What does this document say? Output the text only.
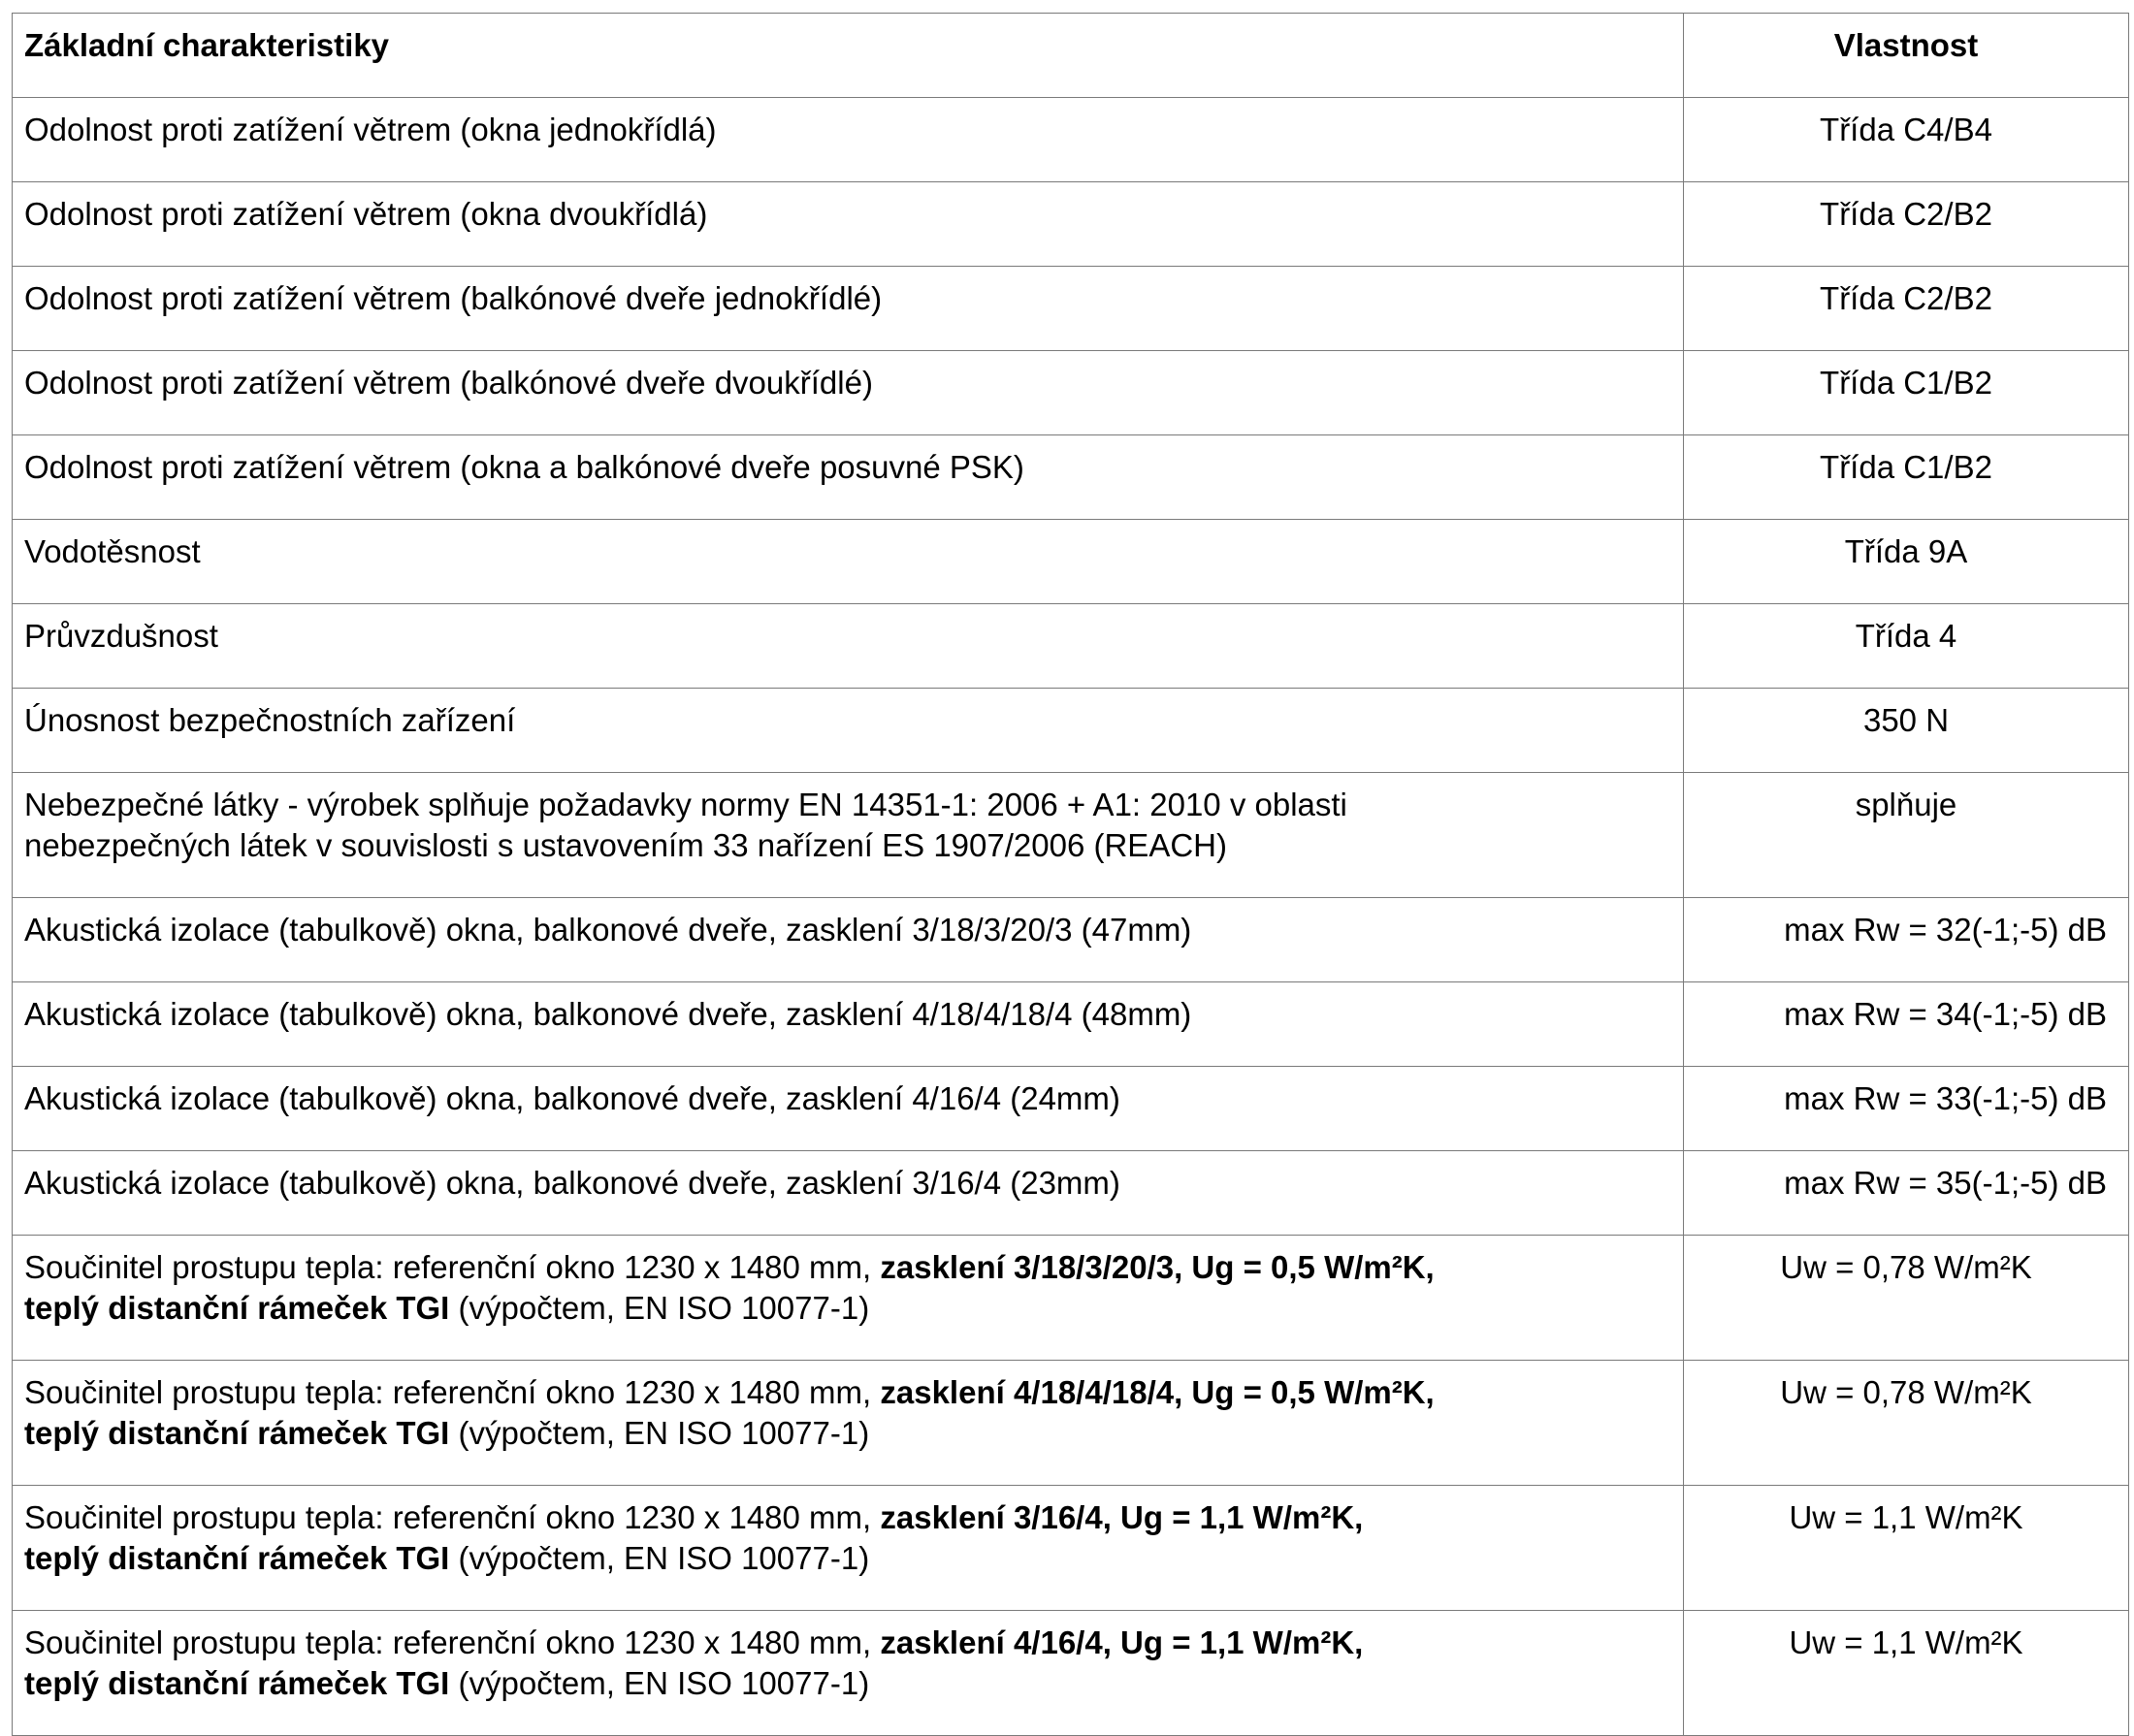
Základní charakteristiky	Vlastnost
Odolnost proti zatížení větrem (okna jednokřídlá)	Třída C4/B4
Odolnost proti zatížení větrem (okna dvoukřídlá)	Třída C2/B2
Odolnost proti zatížení větrem (balkónové dveře jednokřídlé)	Třída C2/B2
Odolnost proti zatížení větrem (balkónové dveře dvoukřídlé)	Třída C1/B2
Odolnost proti zatížení větrem (okna a balkónové dveře posuvné PSK)	Třída C1/B2
Vodotěsnost	Třída 9A
Průvzdušnost	Třída 4
Únosnost bezpečnostních zařízení	350 N
Nebezpečné látky - výrobek splňuje požadavky normy EN 14351-1: 2006 + A1: 2010 v oblasti
nebezpečných látek v souvislosti s ustavovením 33 nařízení ES 1907/2006 (REACH)	splňuje
Akustická izolace (tabulkově) okna, balkonové dveře, zasklení 3/18/3/20/3 (47mm)	max Rw = 32(-1;-5) dB
Akustická izolace (tabulkově) okna, balkonové dveře, zasklení 4/18/4/18/4 (48mm)	max Rw = 34(-1;-5) dB
Akustická izolace (tabulkově) okna, balkonové dveře, zasklení 4/16/4 (24mm)	max Rw = 33(-1;-5) dB
Akustická izolace (tabulkově) okna, balkonové dveře, zasklení 3/16/4 (23mm)	max Rw = 35(-1;-5) dB
Součinitel prostupu tepla: referenční okno 1230 x 1480 mm, zasklení 3/18/3/20/3, Ug = 0,5 W/m²K,
teplý distanční rámeček TGI (výpočtem, EN ISO 10077-1)	Uw = 0,78 W/m²K
Součinitel prostupu tepla: referenční okno 1230 x 1480 mm, zasklení 4/18/4/18/4, Ug = 0,5 W/m²K,
teplý distanční rámeček TGI (výpočtem, EN ISO 10077-1)	Uw = 0,78 W/m²K
Součinitel prostupu tepla: referenční okno 1230 x 1480 mm, zasklení 3/16/4, Ug = 1,1 W/m²K,
teplý distanční rámeček TGI (výpočtem, EN ISO 10077-1)	Uw = 1,1 W/m²K
Součinitel prostupu tepla: referenční okno 1230 x 1480 mm, zasklení 4/16/4, Ug = 1,1 W/m²K,
teplý distanční rámeček TGI (výpočtem, EN ISO 10077-1)	Uw = 1,1 W/m²K
